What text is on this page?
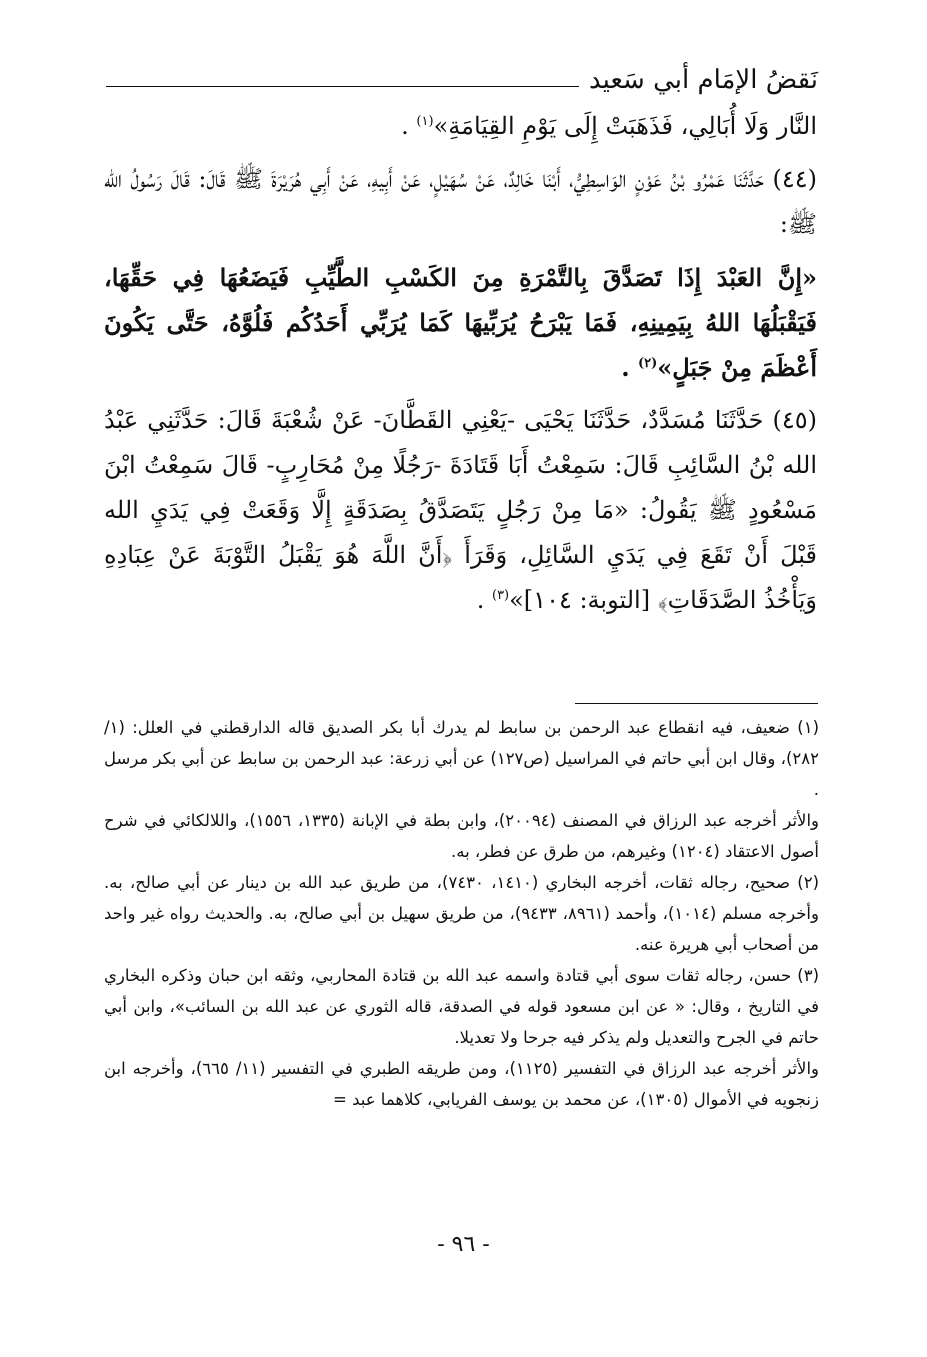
نَقضُ الإمَام أبي سَعيد

النَّار وَلَا أُبَالِي، فَذَهَبَتْ إِلَى يَوْمِ القِيَامَةِ»$^{(١)}$ .

(٤٤) حَدَّثَنَا عَمْرُو بْنُ عَوْنٍ الوَاسِطِيُّ، أَبْنَا خَالِدٌ، عَنْ سُهَيْلٍ، عَنْ أَبِيهِ، عَنْ أَبِي هُرَيْرَةَ ﷺ قَالَ: قَالَ رَسُولُ الله ﷺ:

«إِنَّ العَبْدَ إِذَا تَصَدَّقَ بِالتَّمْرَةِ مِنَ الكَسْبِ الطَّيِّبِ فَيَضَعُهَا فِي حَقِّهَا، فَيَقْبَلُهَا اللهُ بِيَمِينِهِ، فَمَا يَبْرَحُ يُرَبِّيهَا كَمَا يُرَبِّي أَحَدُكُم فَلُوَّهُ، حَتَّى يَكُونَ أَعْظَمَ مِنْ جَبَلٍ»$^{(٢)}$ .

(٤٥) حَدَّثَنَا مُسَدَّدٌ، حَدَّثَنَا يَحْيَى -يَعْنِي القَطَّانَ- عَنْ شُعْبَةَ قَالَ: حَدَّثَنِي عَبْدُ الله بْنُ السَّائِبِ قَالَ: سَمِعْتُ أَبَا قَتَادَةَ -رَجُلًا مِنْ مُحَارِبٍ- قَالَ سَمِعْتُ ابْنَ مَسْعُودٍ ﷺ يَقُولُ: «مَا مِنْ رَجُلٍ يَتَصَدَّقُ بِصَدَقَةٍ إِلَّا وَقَعَتْ فِي يَدَيِ الله قَبْلَ أَنْ تَقَعَ فِي يَدَيِ السَّائِلِ، وَقَرَأَ ﴿أَنَّ اللَّهَ هُوَ يَقْبَلُ التَّوْبَةَ عَنْ عِبَادِهِ وَيَأْخُذُ الصَّدَقَاتِ﴾ [التوبة: ١٠٤]»$^{(٣)}$ .

(١) ضعيف، فيه انقطاع عبد الرحمن بن سابط لم يدرك أبا بكر الصديق قاله الدارقطني في العلل: (١/ ٢٨٢)، وقال ابن أبي حاتم في المراسيل (ص١٢٧) عن أبي زرعة: عبد الرحمن بن سابط عن أبي بكر مرسل .

والأثر أخرجه عبد الرزاق في المصنف (٢٠٠٩٤)، وابن بطة في الإبانة (١٣٣٥، ١٥٥٦)، واللالكائي في شرح أصول الاعتقاد (١٢٠٤) وغيرهم، من طرق عن فطر، به.

(٢) صحيح، رجاله ثقات، أخرجه البخاري (١٤١٠، ٧٤٣٠)، من طريق عبد الله بن دينار عن أبي صالح، به. وأخرجه مسلم (١٠١٤)، وأحمد (٨٩٦١، ٩٤٣٣)، من طريق سهيل بن أبي صالح، به. والحديث رواه غير واحد من أصحاب أبي هريرة عنه.

(٣) حسن، رجاله ثقات سوى أبي قتادة واسمه عبد الله بن قتادة المحاربي، وثقه ابن حبان وذكره البخاري في التاريخ ، وقال: « عن ابن مسعود قوله في الصدقة، قاله الثوري عن عبد الله بن السائب»، وابن أبي حاتم في الجرح والتعديل ولم يذكر فيه جرحا ولا تعديلا.

والأثر أخرجه عبد الرزاق في التفسير (١١٢٥)، ومن طريقه الطبري في التفسير (١١/ ٦٦٥)، وأخرجه ابن زنجويه في الأموال (١٣٠٥)، عن محمد بن يوسف الفريابي، كلاهما عبد =

- ٩٦ -
